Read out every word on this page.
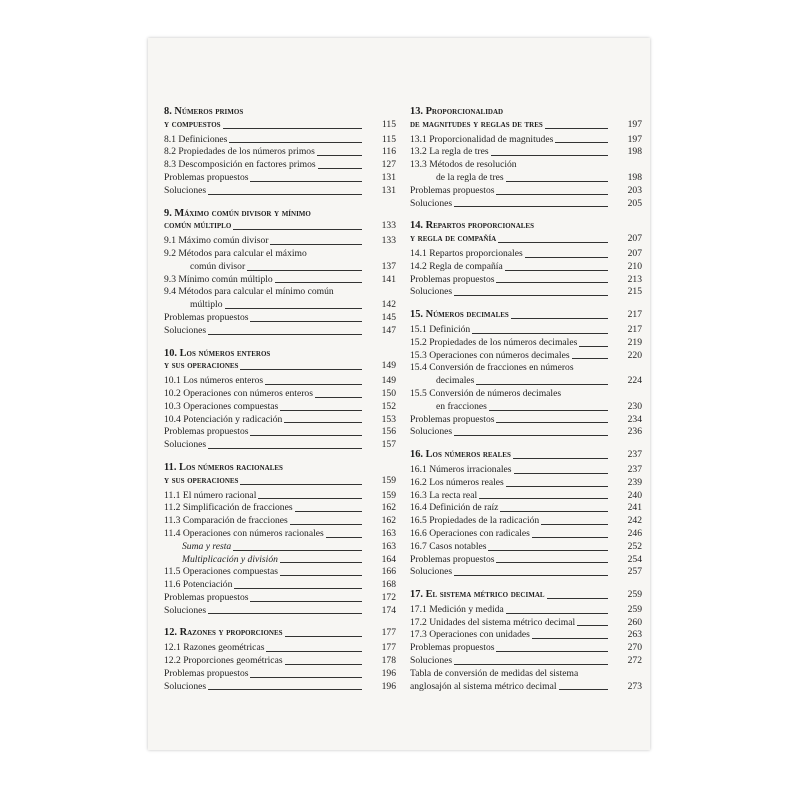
8. Números primos
y compuestos	115
8.1 Definiciones	115
8.2 Propiedades de los números primos	116
8.3 Descomposición en factores primos	127
Problemas propuestos	131
Soluciones	131
9. Máximo común divisor y mínimo
común múltiplo	133
9.1 Máximo común divisor	133
9.2 Métodos para calcular el máximo
común divisor	137
9.3 Mínimo común múltiplo	141
9.4 Métodos para calcular el mínimo común
múltiplo	142
Problemas propuestos	145
Soluciones	147
10. Los números enteros
y sus operaciones	149
10.1 Los números enteros	149
10.2 Operaciones con números enteros	150
10.3 Operaciones compuestas	152
10.4 Potenciación y radicación	153
Problemas propuestos	156
Soluciones	157
11. Los números racionales
y sus operaciones	159
11.1 El número racional	159
11.2 Simplificación de fracciones	162
11.3 Comparación de fracciones	162
11.4 Operaciones con números racionales	163
Suma y resta	163
Multiplicación y división	164
11.5 Operaciones compuestas	166
11.6 Potenciación	168
Problemas propuestos	172
Soluciones	174
12. Razones y proporciones	177
12.1 Razones geométricas	177
12.2 Proporciones geométricas	178
Problemas propuestos	196
Soluciones	196
13. Proporcionalidad
de magnitudes y reglas de tres	197
13.1 Proporcionalidad de magnitudes	197
13.2 La regla de tres	198
13.3 Métodos de resolución
de la regla de tres	198
Problemas propuestos	203
Soluciones	205
14. Repartos proporcionales
y regla de compañía	207
14.1 Repartos proporcionales	207
14.2 Regla de compañía	210
Problemas propuestos	213
Soluciones	215
15. Números decimales	217
15.1 Definición	217
15.2 Propiedades de los números decimales	219
15.3 Operaciones con números decimales	220
15.4 Conversión de fracciones en números
decimales	224
15.5 Conversión de números decimales
en fracciones	230
Problemas propuestos	234
Soluciones	236
16. Los números reales	237
16.1 Números irracionales	237
16.2 Los números reales	239
16.3 La recta real	240
16.4 Definición de raíz	241
16.5 Propiedades de la radicación	242
16.6 Operaciones con radicales	246
16.7 Casos notables	252
Problemas propuestos	254
Soluciones	257
17. El sistema métrico decimal	259
17.1 Medición y medida	259
17.2 Unidades del sistema métrico decimal	260
17.3 Operaciones con unidades	263
Problemas propuestos	270
Soluciones	272
Tabla de conversión de medidas del sistema
anglosajón al sistema métrico decimal	273
